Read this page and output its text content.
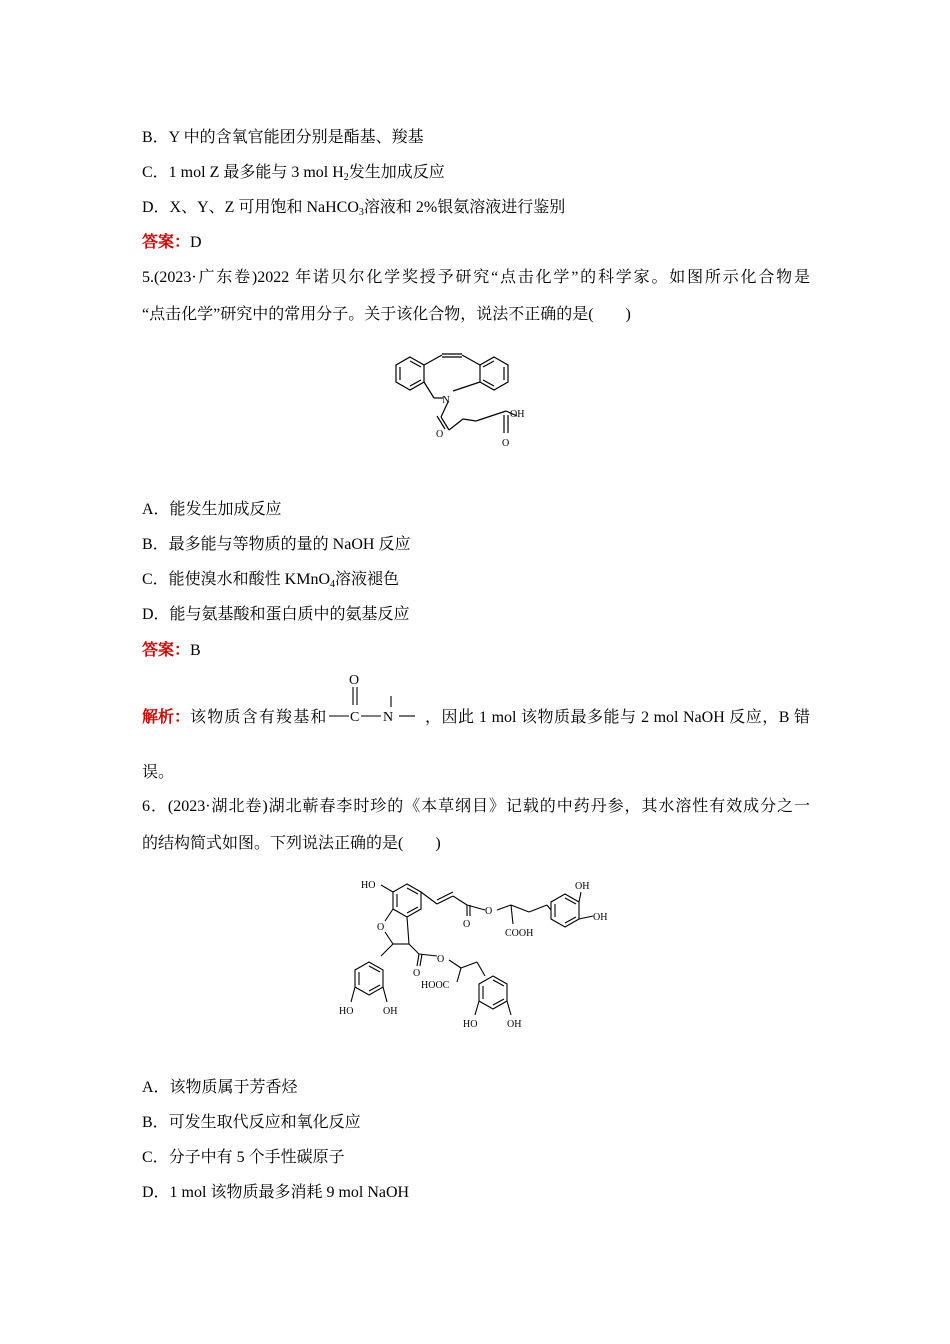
B．Y 中的含氧官能团分别是酯基、羧基
C．1 mol Z 最多能与 3 mol $H_2$发生加成反应
D．X、Y、Z 可用饱和 NaHCO$_3$溶液和 2%银氨溶液进行鉴别
答案：D
5.(2023·广东卷)2022 年诺贝尔化学奖授予研究“点击化学”的科学家。如图所示化合物是
“点击化学”研究中的常用分子。关于该化合物，说法不正确的是(　　)
N
O
OH
O
A．能发生加成反应
B．最多能与等物质的量的 NaOH 反应
C．能使溴水和酸性 KMnO$_4$溶液褪色
D．能与氨基酸和蛋白质中的氨基反应
答案：B
解析：该物质含有羧基和
O
C N ，因此 1 mol 该物质最多能与 2 mol NaOH 反应，B 错
误。
6．(2023·湖北卷)湖北蕲春李时珍的《本草纲目》记载的中药丹参，其水溶性有效成分之一
的结构简式如图。下列说法正确的是(　　)
HO	OH
OH
O
O
O
COOH
O
O
HOOC
HO	OH
HO	OH
A．该物质属于芳香烃
B．可发生取代反应和氧化反应
C．分子中有 5 个手性碳原子
D．1 mol 该物质最多消耗 9 mol NaOH
